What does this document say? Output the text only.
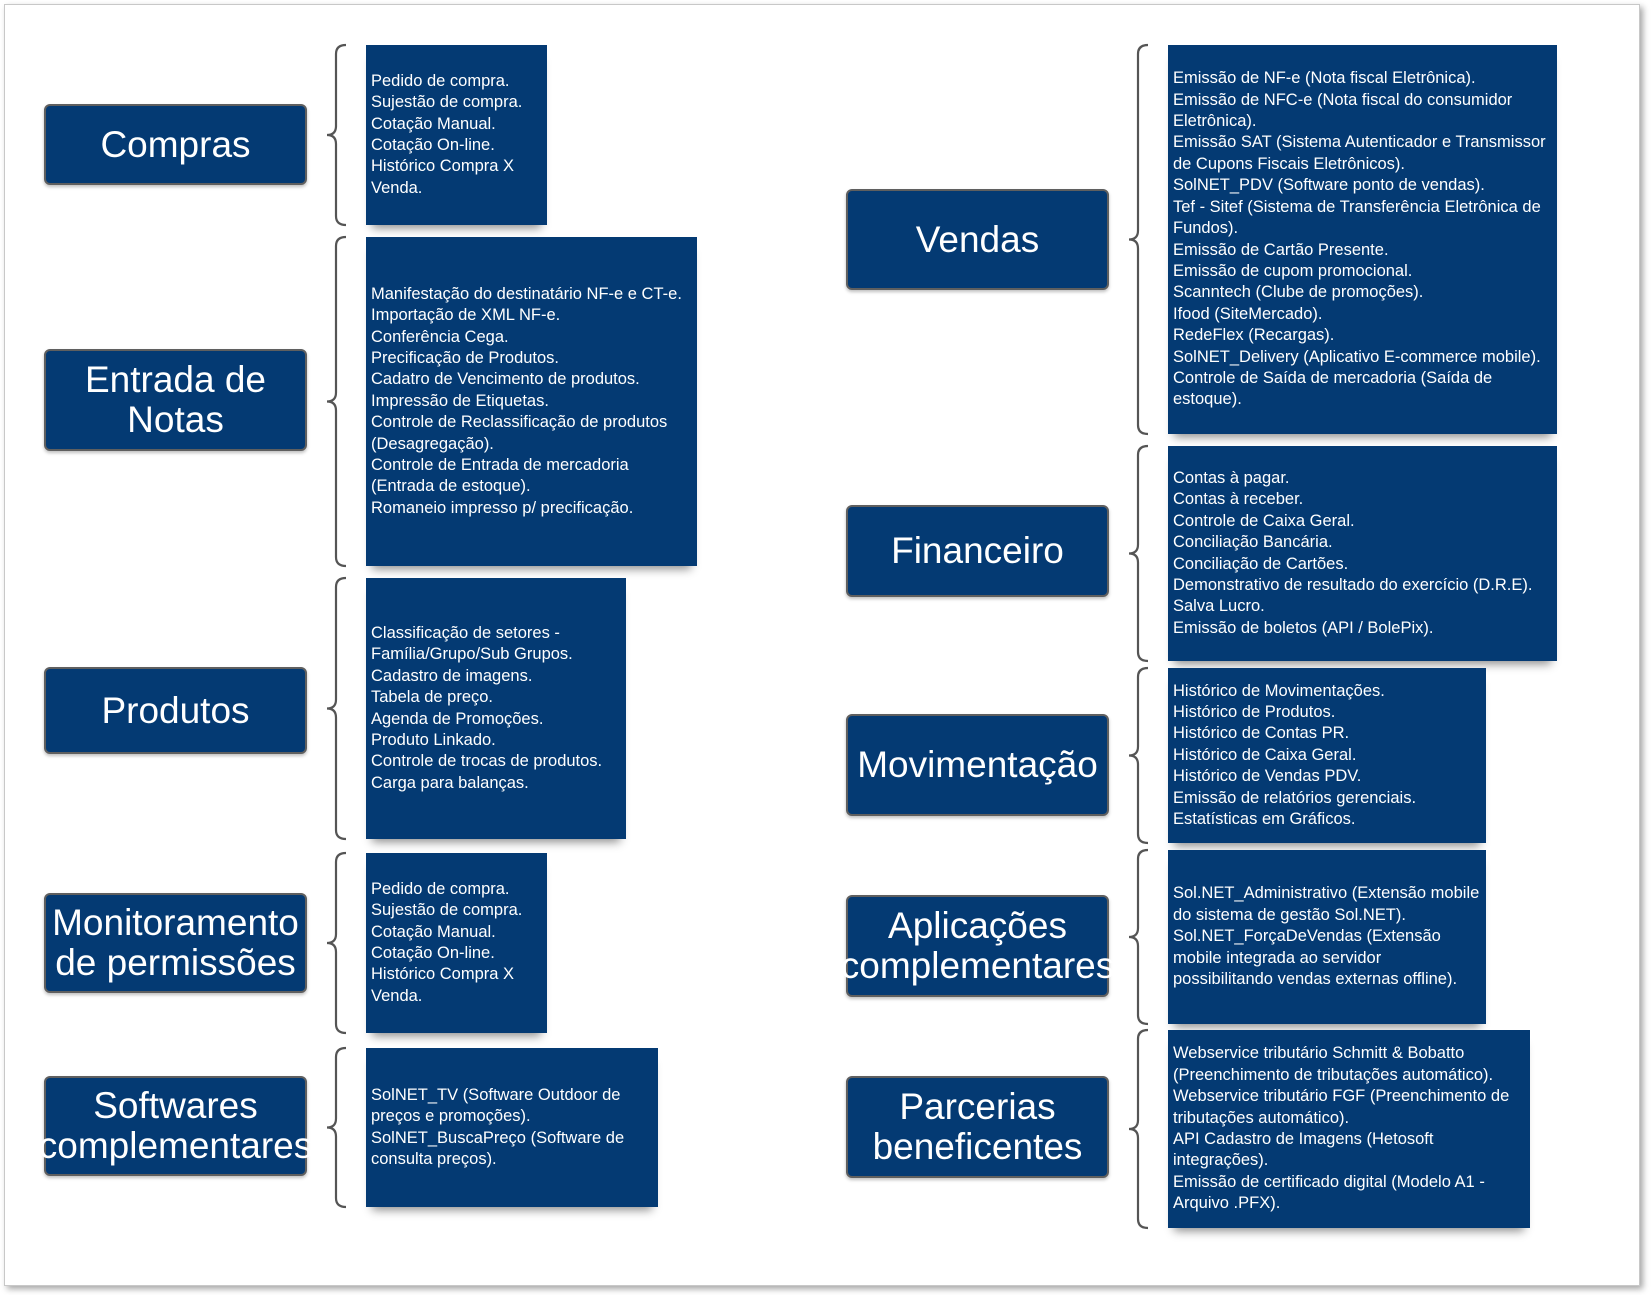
Compras
Pedido de compra.
Sujestão de compra.
Cotação Manual.
Cotação On-line.
Histórico Compra X Venda.
Entrada de
Notas
Manifestação do destinatário NF-e e CT-e.
Importação de XML NF-e.
Conferência Cega.
Precificação de Produtos.
Cadatro de Vencimento de produtos.
Impressão de Etiquetas.
Controle de Reclassificação de produtos (Desagregação).
Controle de Entrada de mercadoria (Entrada de estoque).
Romaneio impresso p/ precificação.
Produtos
Classificação de setores - Família/Grupo/Sub Grupos.
Cadastro de imagens.
Tabela de preço.
Agenda de Promoções.
Produto Linkado.
Controle de trocas de produtos.
Carga para balanças.
Monitoramento
de permissões
Pedido de compra.
Sujestão de compra.
Cotação Manual.
Cotação On-line.
Histórico Compra X Venda.
Softwares
complementares
SolNET_TV (Software Outdoor de preços e promoções).
SolNET_BuscaPreço (Software de consulta preços).
Vendas
Emissão de NF-e (Nota fiscal Eletrônica).
Emissão de NFC-e (Nota fiscal do consumidor Eletrônica).
Emissão SAT (Sistema Autenticador e Transmissor de Cupons Fiscais Eletrônicos).
SolNET_PDV (Software ponto de vendas).
Tef - Sitef (Sistema de Transferência Eletrônica de Fundos).
Emissão de Cartão Presente.
Emissão de cupom promocional.
Scanntech (Clube de promoções).
Ifood (SiteMercado).
RedeFlex (Recargas).
SolNET_Delivery (Aplicativo E-commerce mobile).
Controle de Saída de mercadoria (Saída de estoque).
Financeiro
Contas à pagar.
Contas à receber.
Controle de Caixa Geral.
Conciliação Bancária.
Conciliação de Cartões.
Demonstrativo de resultado do exercício (D.R.E).
Salva Lucro.
Emissão de boletos (API / BolePix).
Movimentação
Histórico de Movimentações.
Histórico de Produtos.
Histórico de Contas PR.
Histórico de Caixa Geral.
Histórico de Vendas PDV.
Emissão de relatórios gerenciais.
Estatísticas em Gráficos.
Aplicações
complementares
Sol.NET_Administrativo (Extensão mobile do sistema de gestão Sol.NET).
Sol.NET_ForçaDeVendas (Extensão mobile integrada ao servidor possibilitando vendas externas offline).
Parcerias
beneficentes
Webservice tributário Schmitt & Bobatto (Preenchimento de tributações automático).
Webservice tributário FGF (Preenchimento de tributações automático).
API Cadastro de Imagens (Hetosoft integrações).
Emissão de certificado digital (Modelo A1 - Arquivo .PFX).
